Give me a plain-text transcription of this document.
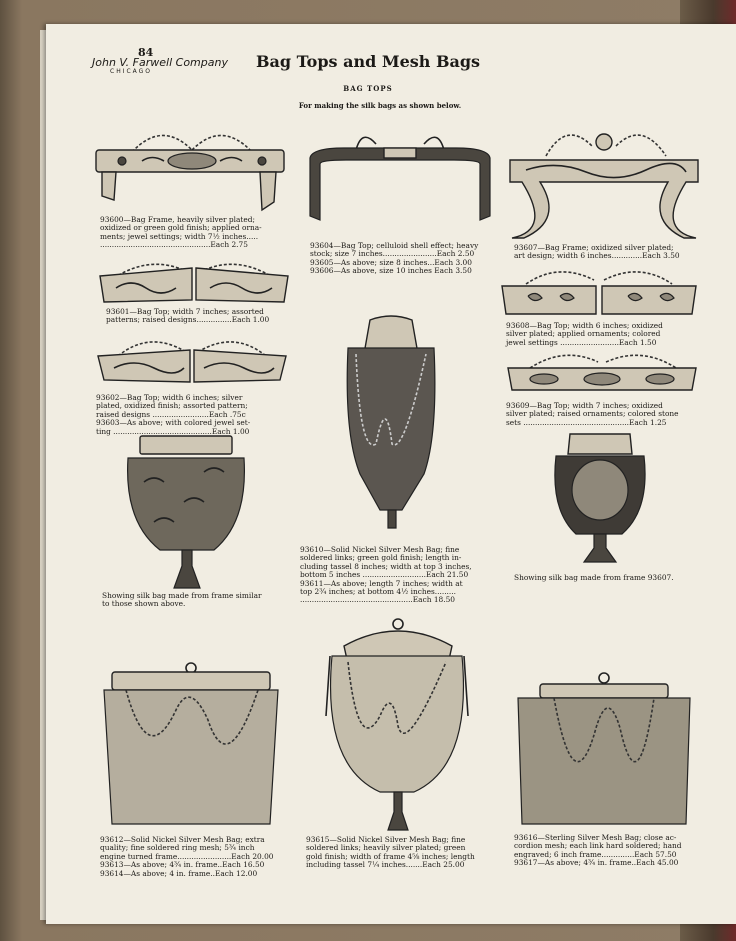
84
John V. Farwell Company
CHICAGO
Bag Tops and Mesh Bags
BAG TOPS
For making the silk bags as shown below.
93600—Bag Frame, heavily silver plated;
oxidized or green gold finish; applied orna-
ments; jewel settings; width 7½ inches.....
...............................................Each 2.75
93601—Bag Top; width 7 inches; assorted
patterns; raised designs...............Each 1.00
93602—Bag Top; width 6 inches; silver
plated, oxidized finish; assorted pattern;
raised designs ........................Each .75c
93603—As above; with colored jewel set-
ting ..........................................Each 1.00
93604—Bag Top; celluloid shell effect; heavy
stock; size 7 inches.......................Each 2.50
93605—As above; size 8 inches...Each 3.00
93606—As above, size 10 inches Each 3.50
93607—Bag Frame; oxidized silver plated;
art design; width 6 inches.............Each 3.50
93608—Bag Top; width 6 inches; oxidized
silver plated; applied ornaments; colored
jewel settings .........................Each 1.50
93609—Bag Top; width 7 inches; oxidized
silver plated; raised ornaments; colored stone
sets .............................................Each 1.25
Showing silk bag made from frame similar
to those shown above.
93610—Solid Nickel Silver Mesh Bag; fine
soldered links; green gold finish; length in-
cluding tassel 8 inches; width at top 3 inches,
bottom 5 inches ...........................Each 21.50
93611—As above; length 7 inches; width at
top 2¾ inches; at bottom 4½ inches.........
................................................Each 18.50
Showing silk bag made from frame 93607.
93612—Solid Nickel Silver Mesh Bag; extra
quality; fine soldered ring mesh; 5¾ inch
engine turned frame.......................Each 20.00
93613—As above; 4¾ in. frame..Each 16.50
93614—As above; 4 in. frame..Each 12.00
93615—Solid Nickel Silver Mesh Bag; fine
soldered links; heavily silver plated; green
gold finish; width of frame 4⅝ inches; length
including tassel 7¼ inches.......Each 25.00
93616—Sterling Silver Mesh Bag; close ac-
cordion mesh; each link hard soldered; hand
engraved; 6 inch frame..............Each 57.50
93617—As above; 4¾ in. frame..Each 45.00
